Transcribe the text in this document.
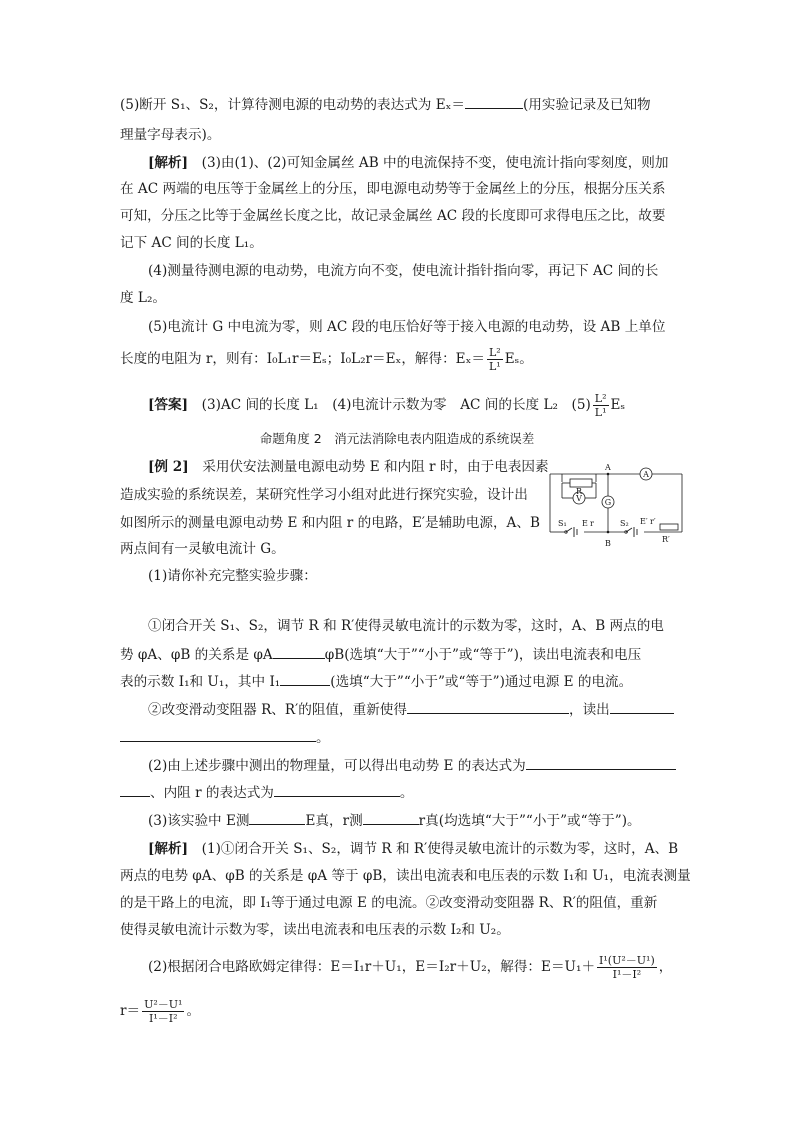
(5)断开 S₁、S₂，计算待测电源的电动势的表达式为 Eₓ＝	(用实验记录及已知物
理量字母表示)。
[解析]　 (3)由(1)、(2)可知金属丝 AB 中的电流保持不变，使电流计指向零刻度，则加
在 AC 两端的电压等于金属丝上的分压，即电源电动势等于金属丝上的分压，根据分压关系
可知，分压之比等于金属丝长度之比，故记录金属丝 AC 段的长度即可求得电压之比，故要
记下 AC 间的长度 L₁。
(4)测量待测电源的电动势，电流方向不变，使电流计指针指向零，再记下 AC 间的长
度 L₂。
(5)电流计 G 中电流为零，则 AC 段的电压恰好等于接入电源的电动势，设 AB 上单位
长度的电阻为 r，则有：I₀L₁r＝Eₛ；I₀L₂r＝Eₓ，解得：$E_x= \frac{\text{L²}}{\text{L¹}}$ Eₛ。
[答案]　 (3)AC 间的长度 L₁　(4)电流计示数为零　AC 间的长度 L₂　$(5) \frac{\text{L²}}{\text{L¹}}$ Eₛ
命题角度 2　消元法消除电表内阻造成的系统误差
[例 2]　 采用伏安法测量电源电动势 E 和内阻 r 时，由于电表因素
造成实验的系统误差，某研究性学习小组对此进行探究实验，设计出
如图所示的测量电源电动势 E 和内阻 r 的电路，E′是辅助电源，A、B
两点间有一灵敏电流计 G。
(1)请你补充完整实验步骤：
①闭合开关 S₁、S₂，调节 R 和 R′使得灵敏电流计的示数为零，这时，A、B 两点的电
势 φA、φB 的关系是 φA	φB(选填“大于”“小于”或“等于”)，读出电流表和电压
表的示数 I₁和 U₁，其中 I₁	(选填“大于”“小于”或“等于”)通过电源 E 的电流。
②改变滑动变阻器 R、R′的阻值，重新使得	，读出
。
(2)由上述步骤中测出的物理量，可以得出电动势 E 的表达式为
、内阻 r 的表达式为	。
(3)该实验中 E测	E真，r测	r真(均选填“大于”“小于”或“等于”)。
[解析]　 (1)①闭合开关 S₁、S₂，调节 R 和 R′使得灵敏电流计的示数为零，这时，A、B
两点的电势 φA、φB 的关系是 φA 等于 φB，读出电流表和电压表的示数 I₁和 U₁，电流表测量
的是干路上的电流，即 I₁等于通过电源 E 的电流。②改变滑动变阻器 R、R′的阻值，重新
使得灵敏电流计示数为零，读出电流表和电压表的示数 I₂和 U₂。
(2)根据闭合电路欧姆定律得：E＝I₁r＋U₁，E＝I₂r＋U₂，解得：$E=U_1+ \frac{\text{I¹(U²－U¹)}}{\text{I¹－I²}}$ ，
$r= \frac{\text{U²－U¹}}{\text{I¹－I²}}$ 。
A
B
R
V	G
A
S₁ E r	S₂ E′ r′
R′
